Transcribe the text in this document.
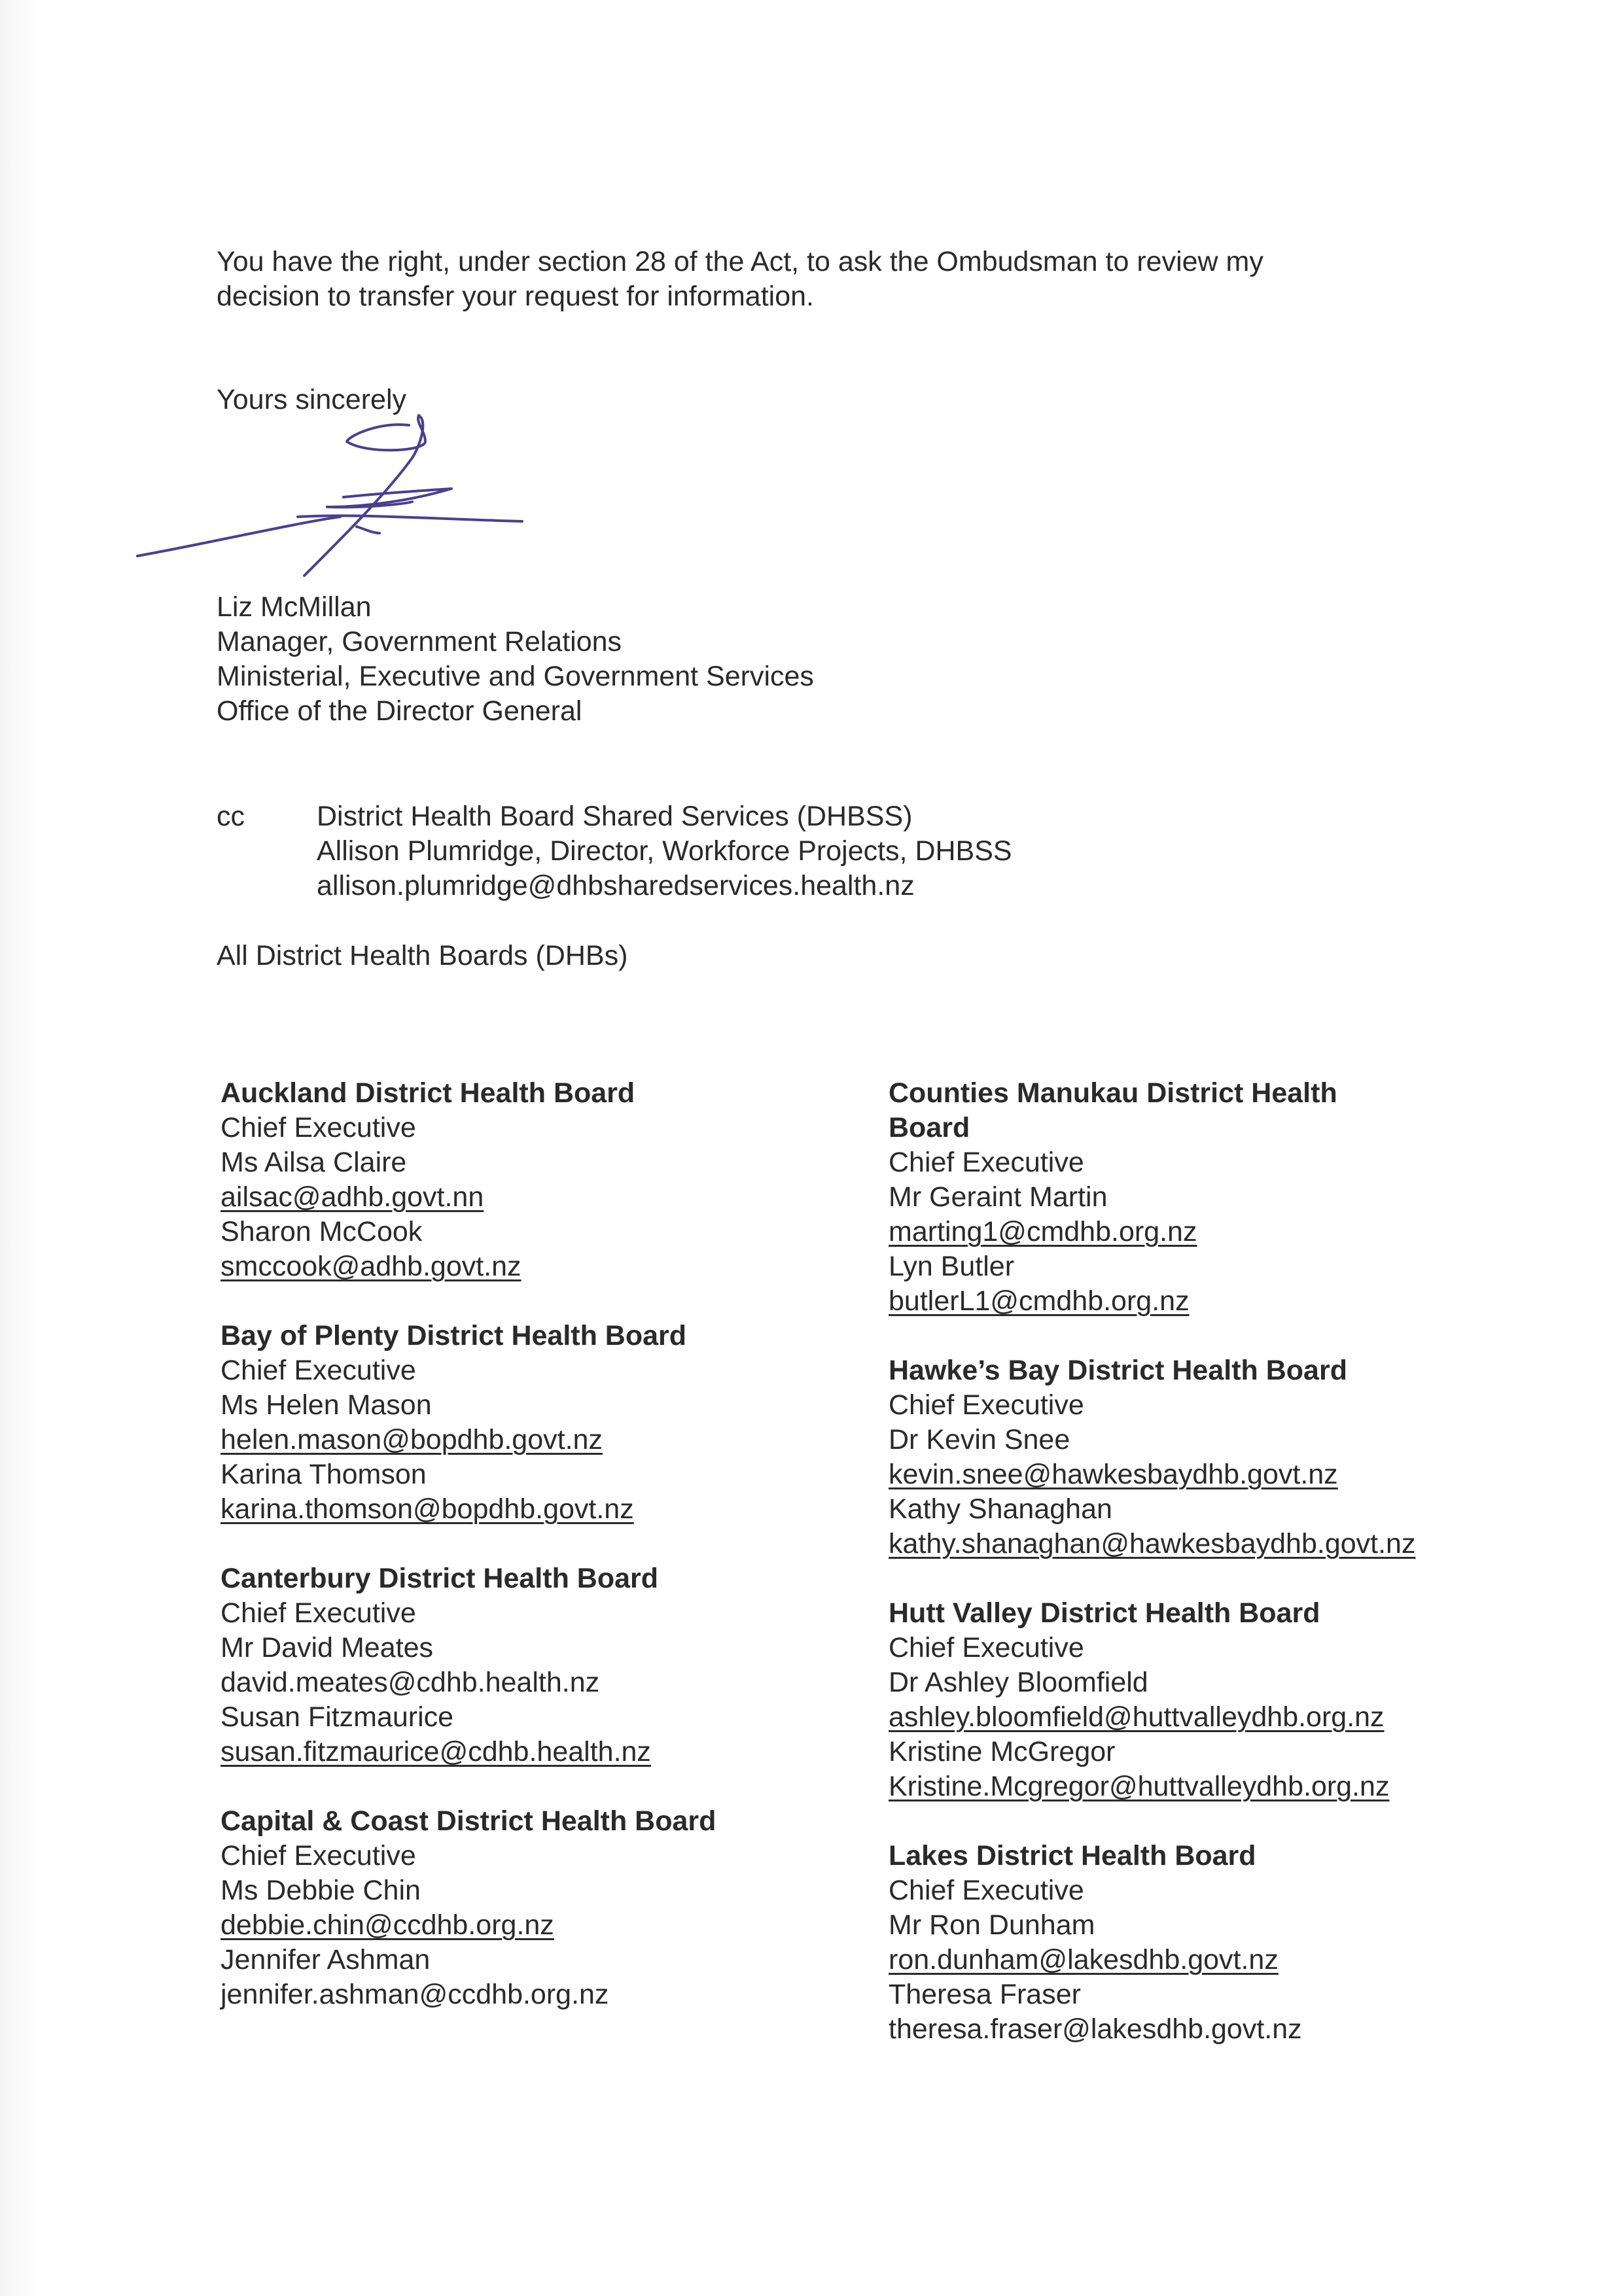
You have the right, under section 28 of the Act, to ask the Ombudsman to review my
decision to transfer your request for information.
Yours sincerely
Liz McMillan
Manager, Government Relations
Ministerial, Executive and Government Services
Office of the Director General
cc	District Health Board Shared Services (DHBSS)
Allison Plumridge, Director, Workforce Projects, DHBSS
allison.plumridge@dhbsharedservices.health.nz
All District Health Boards (DHBs)
Auckland District Health Board
Chief Executive
Ms Ailsa Claire
ailsac@adhb.govt.nn
Sharon McCook
smccook@adhb.govt.nz
Bay of Plenty District Health Board
Chief Executive
Ms Helen Mason
helen.mason@bopdhb.govt.nz
Karina Thomson
karina.thomson@bopdhb.govt.nz
Canterbury District Health Board
Chief Executive
Mr David Meates
david.meates@cdhb.health.nz
Susan Fitzmaurice
susan.fitzmaurice@cdhb.health.nz
Capital & Coast District Health Board
Chief Executive
Ms Debbie Chin
debbie.chin@ccdhb.org.nz
Jennifer Ashman
jennifer.ashman@ccdhb.org.nz
Counties Manukau District Health
Board
Chief Executive
Mr Geraint Martin
marting1@cmdhb.org.nz
Lyn Butler
butlerL1@cmdhb.org.nz
Hawke’s Bay District Health Board
Chief Executive
Dr Kevin Snee
kevin.snee@hawkesbaydhb.govt.nz
Kathy Shanaghan
kathy.shanaghan@hawkesbaydhb.govt.nz
Hutt Valley District Health Board
Chief Executive
Dr Ashley Bloomfield
ashley.bloomfield@huttvalleydhb.org.nz
Kristine McGregor
Kristine.Mcgregor@huttvalleydhb.org.nz
Lakes District Health Board
Chief Executive
Mr Ron Dunham
ron.dunham@lakesdhb.govt.nz
Theresa Fraser
theresa.fraser@lakesdhb.govt.nz
